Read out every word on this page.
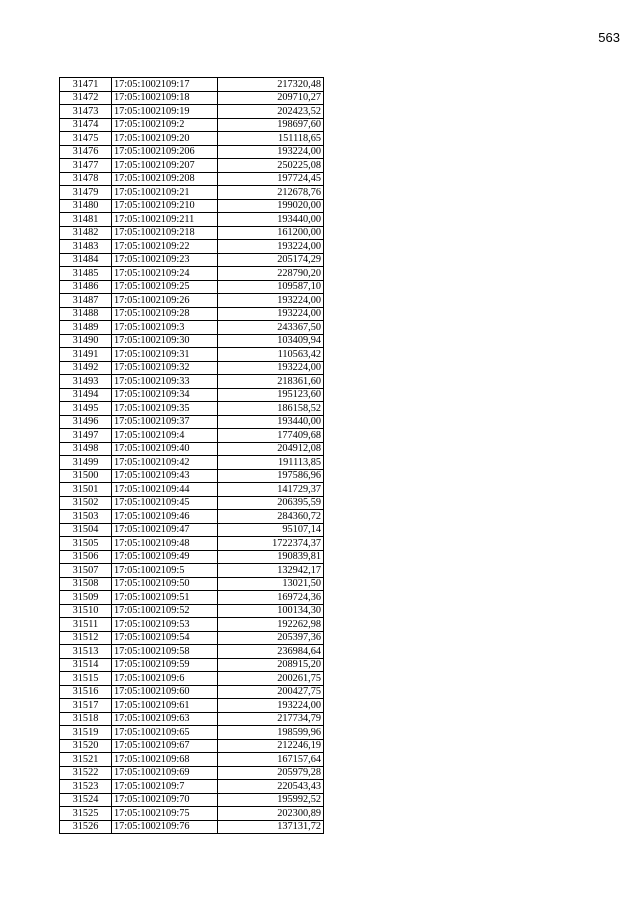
563
31471	17:05:1002109:17	217320,48
31472	17:05:1002109:18	209710,27
31473	17:05:1002109:19	202423,52
31474	17:05:1002109:2	198697,60
31475	17:05:1002109:20	151118,65
31476	17:05:1002109:206	193224,00
31477	17:05:1002109:207	250225,08
31478	17:05:1002109:208	197724,45
31479	17:05:1002109:21	212678,76
31480	17:05:1002109:210	199020,00
31481	17:05:1002109:211	193440,00
31482	17:05:1002109:218	161200,00
31483	17:05:1002109:22	193224,00
31484	17:05:1002109:23	205174,29
31485	17:05:1002109:24	228790,20
31486	17:05:1002109:25	109587,10
31487	17:05:1002109:26	193224,00
31488	17:05:1002109:28	193224,00
31489	17:05:1002109:3	243367,50
31490	17:05:1002109:30	103409,94
31491	17:05:1002109:31	110563,42
31492	17:05:1002109:32	193224,00
31493	17:05:1002109:33	218361,60
31494	17:05:1002109:34	195123,60
31495	17:05:1002109:35	186158,52
31496	17:05:1002109:37	193440,00
31497	17:05:1002109:4	177409,68
31498	17:05:1002109:40	204912,08
31499	17:05:1002109:42	191113,85
31500	17:05:1002109:43	197586,96
31501	17:05:1002109:44	141729,37
31502	17:05:1002109:45	206395,59
31503	17:05:1002109:46	284360,72
31504	17:05:1002109:47	95107,14
31505	17:05:1002109:48	1722374,37
31506	17:05:1002109:49	190839,81
31507	17:05:1002109:5	132942,17
31508	17:05:1002109:50	13021,50
31509	17:05:1002109:51	169724,36
31510	17:05:1002109:52	100134,30
31511	17:05:1002109:53	192262,98
31512	17:05:1002109:54	205397,36
31513	17:05:1002109:58	236984,64
31514	17:05:1002109:59	208915,20
31515	17:05:1002109:6	200261,75
31516	17:05:1002109:60	200427,75
31517	17:05:1002109:61	193224,00
31518	17:05:1002109:63	217734,79
31519	17:05:1002109:65	198599,96
31520	17:05:1002109:67	212246,19
31521	17:05:1002109:68	167157,64
31522	17:05:1002109:69	205979,28
31523	17:05:1002109:7	220543,43
31524	17:05:1002109:70	195992,52
31525	17:05:1002109:75	202300,89
31526	17:05:1002109:76	137131,72
